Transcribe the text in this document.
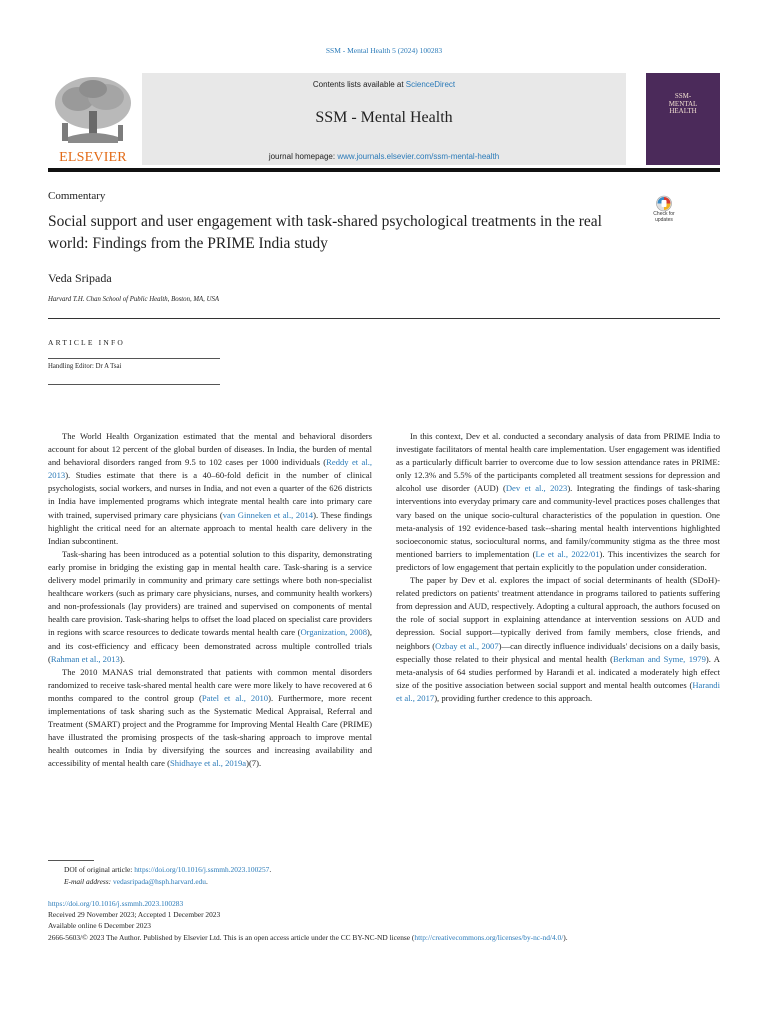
SSM - Mental Health 5 (2024) 100283
ELSEVIER
Contents lists available at ScienceDirect
SSM - Mental Health
journal homepage: www.journals.elsevier.com/ssm-mental-health
SSM-
MENTAL
HEALTH
Commentary
Social support and user engagement with task-shared psychological treatments in the real world: Findings from the PRIME India study
Check for
updates
Veda Sripada
Harvard T.H. Chan School of Public Health, Boston, MA, USA
ARTICLE INFO
Handling Editor: Dr A Tsai

The World Health Organization estimated that the mental and behavioral disorders account for about 12 percent of the global burden of diseases. In India, the burden of mental and behavioral disorders ranged from 9.5 to 102 cases per 1000 individuals (Reddy et al., 2013). Studies estimate that there is a 40–60-fold deficit in the number of clinical psychologists, social workers, and nurses in India, and not even a quarter of the 626 districts in India have implemented programs which integrate mental health care into primary care with trained, supervised primary care physicians (van Ginneken et al., 2014). These findings highlight the critical need for an alternate approach to mental health care delivery in the Indian subcontinent.

Task-sharing has been introduced as a potential solution to this disparity, demonstrating early promise in bridging the existing gap in mental health care. Task-sharing is a service delivery model primarily in community and primary care settings where both non-specialist healthcare workers (such as primary care physicians, nurses, and community health workers) and non-professionals (lay providers) are trained and supervised on components of mental health care provision. Task-sharing helps to offset the load placed on specialist care providers in regions with scarce resources to dedicate towards mental health care (Organization, 2008), and its cost-efficiency and efficacy been demonstrated across multiple controlled trials (Rahman et al., 2013).

The 2010 MANAS trial demonstrated that patients with common mental disorders randomized to receive task-shared mental health care were more likely to have recovered at 6 months compared to the control group (Patel et al., 2010). Furthermore, more recent implementations of task sharing such as the Systematic Medical Appraisal, Referral and Treatment (SMART) project and the Programme for Improving Mental Health Care (PRIME) have illustrated the promising prospects of the task-sharing approach to improve mental health outcomes in India by diversifying the sources and increasing availability and accessibility of mental health care (Shidhaye et al., 2019a)(7).

In this context, Dev et al. conducted a secondary analysis of data from PRIME India to investigate facilitators of mental health care implementation. User engagement was identified as a particularly difficult barrier to overcome due to low session attendance rates in PRIME: only 12.3% and 5.5% of the participants completed all treatment sessions for depression and alcohol use disorder (AUD) (Dev et al., 2023). Integrating the findings of task-sharing interventions into everyday primary care and community-level practices poses challenges that vary based on the unique socio-cultural characteristics of the population in question. One meta-analysis of 192 evidence-based task--sharing mental health interventions highlighted socioeconomic status, sociocultural norms, and family/community stigma as the three most mentioned barriers to implementation (Le et al., 2022/01). This incentivizes the search for predictors of low engagement that pertain explicitly to the population under consideration.

The paper by Dev et al. explores the impact of social determinants of health (SDoH)-related predictors on patients' treatment attendance in programs tailored to patients suffering from depression and AUD, respectively. Adopting a cultural approach, the authors focused on the role of social support in explaining attendance at intervention sessions on AUD and depression. Social support—typically derived from family members, close friends, and neighbors (Ozbay et al., 2007)—can directly influence individuals' decisions on a daily basis, especially those related to their physical and mental health (Berkman and Syme, 1979). A meta-analysis of 64 studies performed by Harandi et al. indicated a moderately high effect size of the positive association between social support and mental health outcomes (Harandi et al., 2017), providing further credence to this approach.

DOI of original article: https://doi.org/10.1016/j.ssmmh.2023.100257.
E-mail address: vedasripada@hsph.harvard.edu.
https://doi.org/10.1016/j.ssmmh.2023.100283
Received 29 November 2023; Accepted 1 December 2023
Available online 6 December 2023
2666-5603/© 2023 The Author. Published by Elsevier Ltd. This is an open access article under the CC BY-NC-ND license (http://creativecommons.org/licenses/by-nc-nd/4.0/).
